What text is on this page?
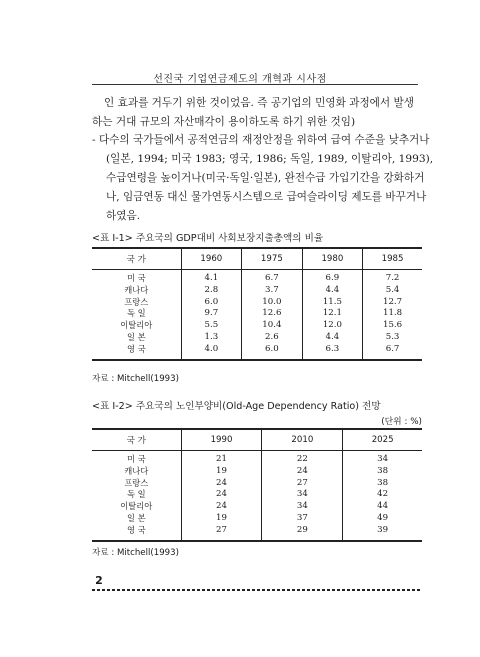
선진국 기업연금제도의 개혁과 시사점
인 효과를 거두기 위한 것이었음. 즉 공기업의 민영화 과정에서 발생하는 거대 규모의 자산매각이 용이하도록 하기 위한 것임)
- 다수의 국가들에서 공적연금의 재정안정을 위하여 급여 수준을 낮추거나(일본, 1994; 미국 1983; 영국, 1986; 독일, 1989, 이탈리아, 1993), 수급연령을 높이거나(미국·독일·일본), 완전수급 가입기간을 강화하거나, 임금연동 대신 물가연동시스템으로 급여슬라이딩 제도를 바꾸거나 하였음.
<표 I-1> 주요국의 GDP대비 사회보장지출총액의 비율
국 가	1960	1975	1980	1985
미 국	4.1	6.7	6.9	7.2
캐나다	2.8	3.7	4.4	5.4
프랑스	6.0	10.0	11.5	12.7
독 일	9.7	12.6	12.1	11.8
이탈리아	5.5	10.4	12.0	15.6
일 본	1.3	2.6	4.4	5.3
영 국	4.0	6.0	6.3	6.7
자료 : Mitchell(1993)
<표 I-2> 주요국의 노인부양비(Old-Age Dependency Ratio) 전망
(단위 : %)
국 가	1990	2010	2025
미 국	21	22	34
캐나다	19	24	38
프랑스	24	27	38
독 일	24	34	42
이탈리아	24	34	44
일 본	19	37	49
영 국	27	29	39
자료 : Mitchell(1993)
2
